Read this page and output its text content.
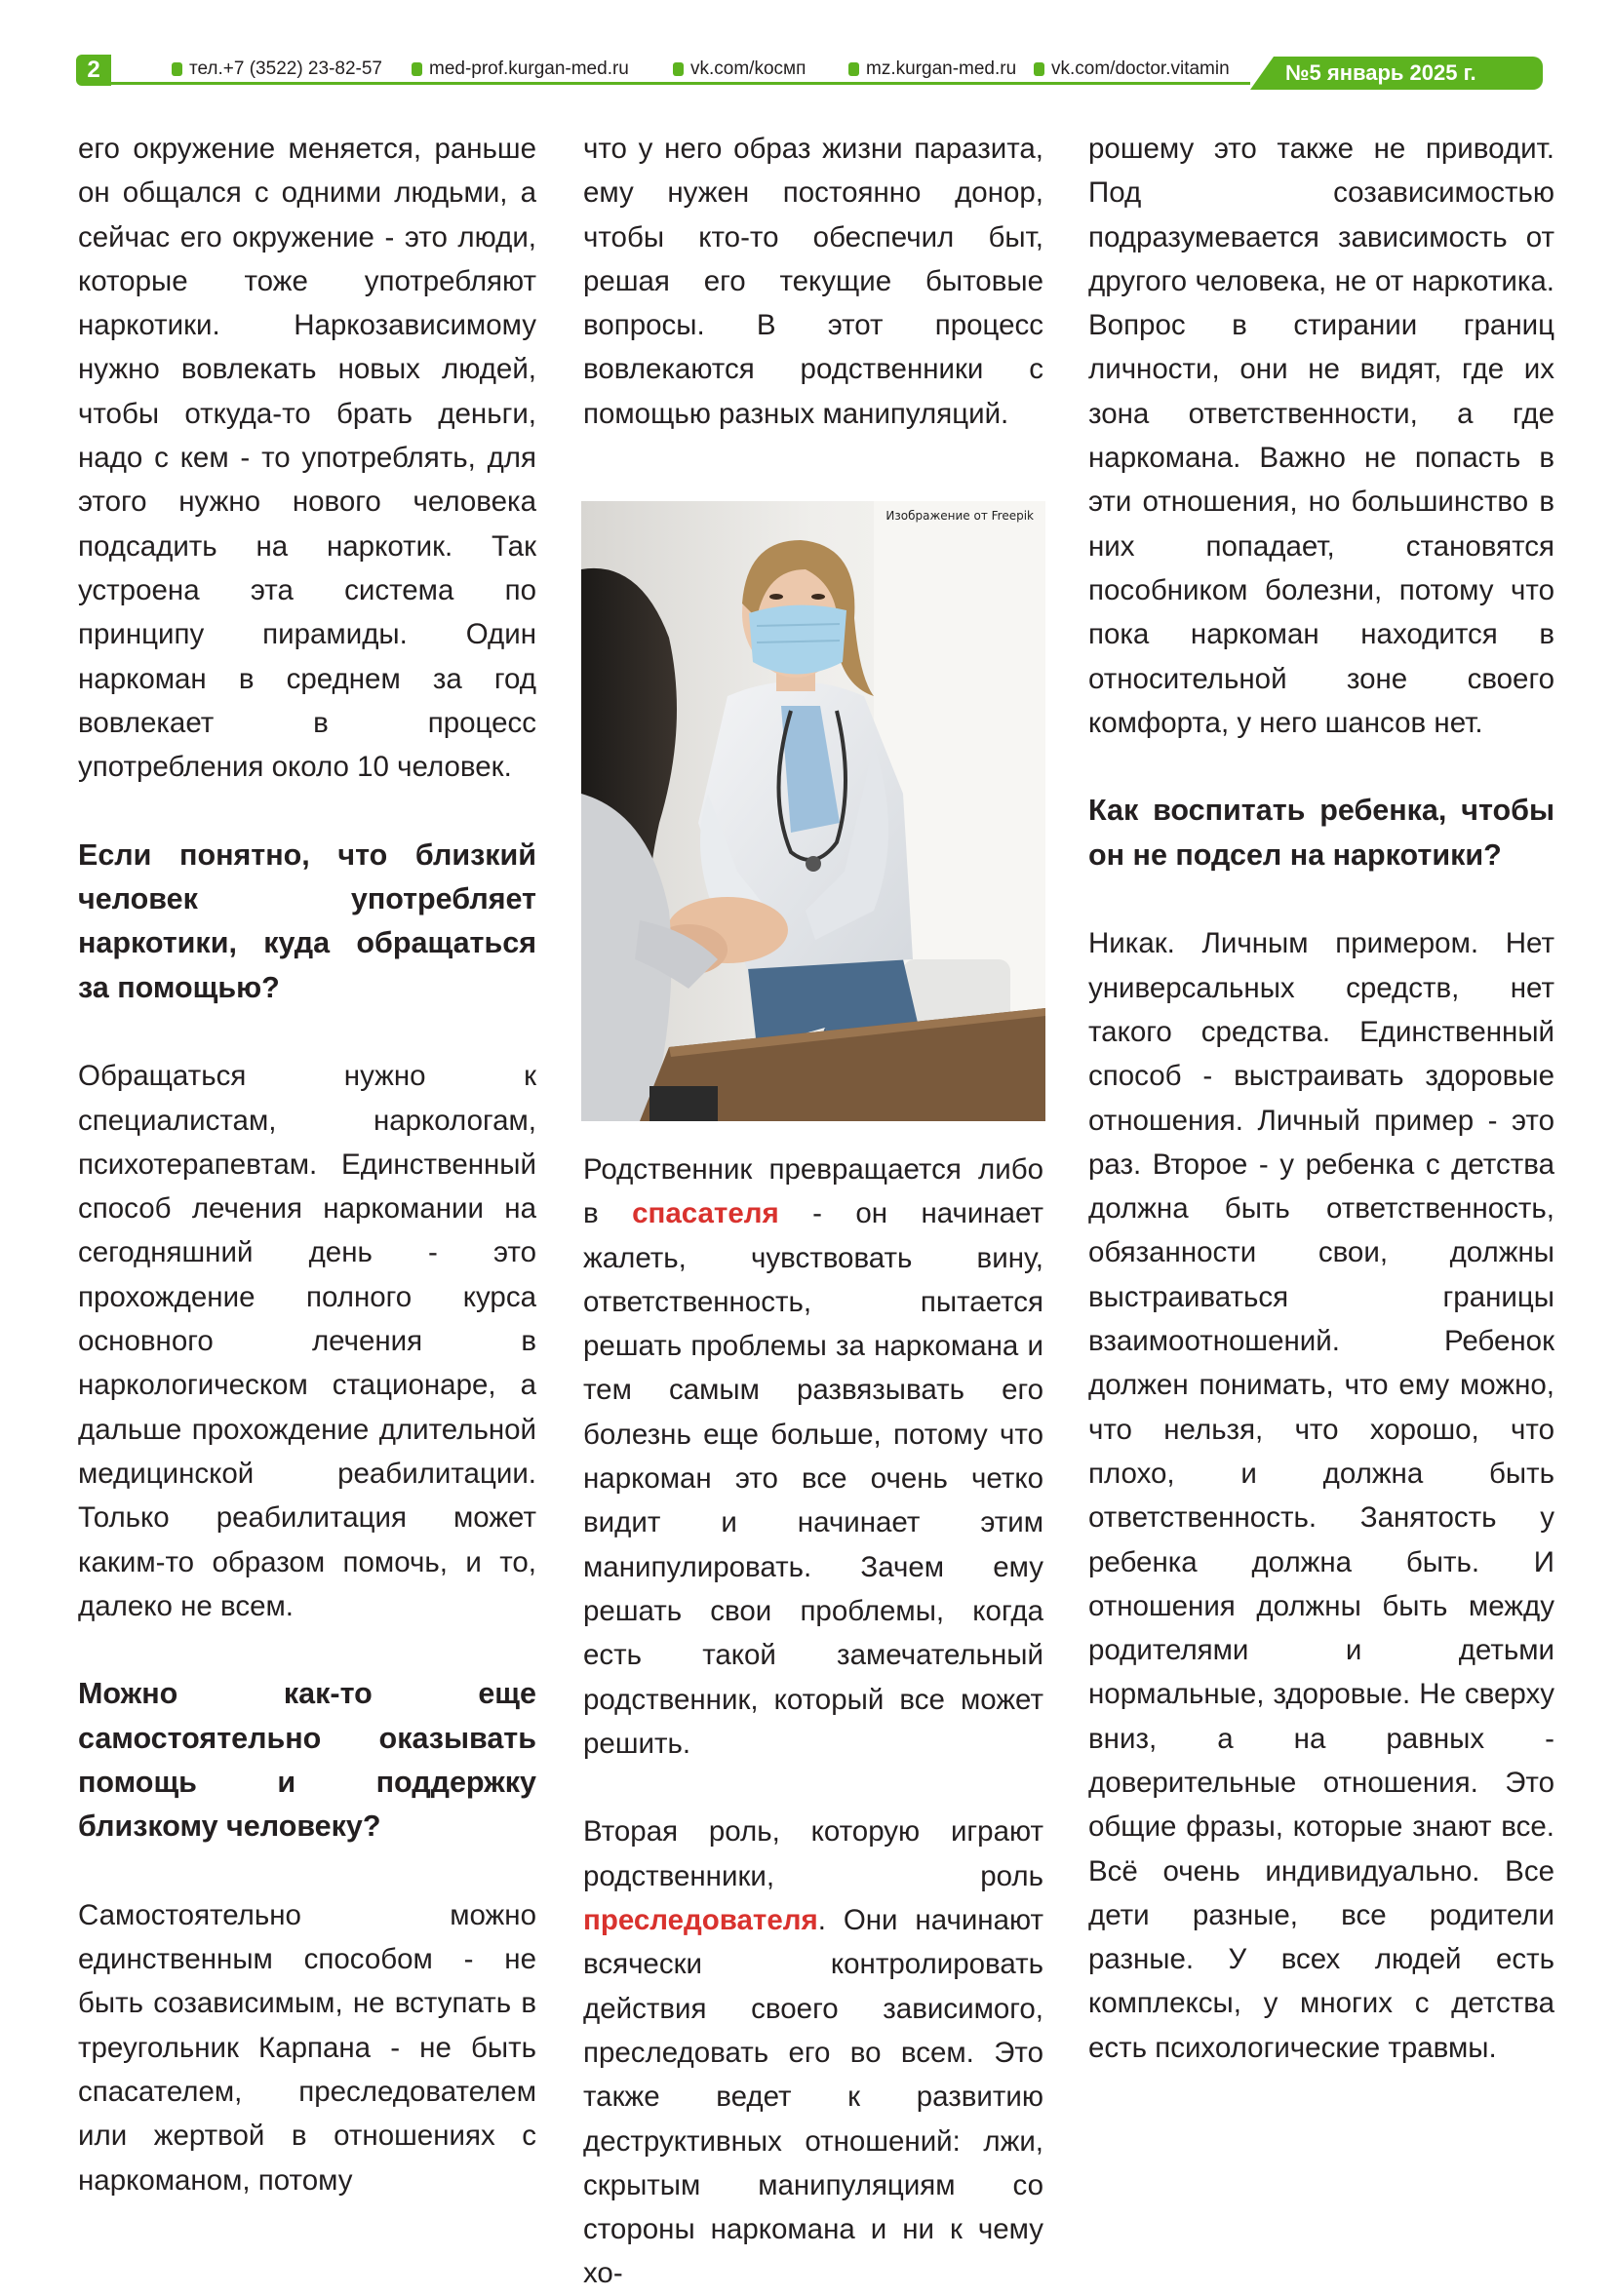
2	тел.+7 (3522) 23-82-57	med-prof.kurgan-med.ru	vk.com/kocмп	mz.kurgan-med.ru vk.com/doctor.vitamin	№5 январь 2025 г.

его окружение меняется, раньше он общался с одними людьми, а сейчас его окружение - это люди, которые тоже употребляют наркотики. Наркозависимому нужно вовлекать новых людей, чтобы откуда-то брать деньги, надо с кем - то употреблять, для этого нужно нового человека подсадить на наркотик. Так устроена эта система по принципу пирамиды. Один наркоман в среднем за год вовлекает в процесс употребления около 10 человек.

Если понятно, что близкий человек употребляет наркотики, куда обращаться за помощью?

Обращаться нужно к специалистам, наркологам, психотерапевтам. Единственный способ лечения наркомании на сегодняшний день - это прохождение полного курса основного лечения в наркологическом стационаре, а дальше прохождение длительной медицинской реабилитации. Только реабилитация может каким-то образом помочь, и то, далеко не всем.

Можно как-то еще самостоятельно оказывать помощь и поддержку близкому человеку?

Самостоятельно можно единственным способом - не быть созависимым, не вступать в треугольник Карпана - не быть спасателем, преследователем или жертвой в отношениях с наркоманом, потому

что у него образ жизни паразита, ему нужен постоянно донор, чтобы кто-то обеспечил быт, решая его текущие бытовые вопросы. В этот процесс вовлекаются родственники с помощью разных манипуляций.

Изображение от Freepik

Родственник превращается либо в спасателя - он начинает жалеть, чувствовать вину, ответственность, пытается решать проблемы за наркомана и тем самым развязывать его болезнь еще больше, потому что наркоман это все очень четко видит и начинает этим манипулировать. Зачем ему решать свои проблемы, когда есть такой замечательный родственник, который все может решить.

Вторая роль, которую играют родственники, роль преследователя. Они начинают всячески контролировать действия своего зависимого, преследовать его во всем. Это также ведет к развитию деструктивных отношений: лжи, скрытым манипуляциям со стороны наркомана и ни к чему хо-

рошему это также не приводит. Под созависимостью подразумевается зависимость от другого человека, не от наркотика. Вопрос в стирании границ личности, они не видят, где их зона ответственности, а где наркомана. Важно не попасть в эти отношения, но большинство в них попадает, становятся пособником болезни, потому что пока наркоман находится в относительной зоне своего комфорта, у него шансов нет.

Как воспитать ребенка, чтобы он не подсел на наркотики?

Никак. Личным примером. Нет универсальных средств, нет такого средства. Единственный способ - выстраивать здоровые отношения. Личный пример - это раз. Второе - у ребенка с детства должна быть ответственность, обязанности свои, должны выстраиваться границы взаимоотношений. Ребенок должен понимать, что ему можно, что нельзя, что хорошо, что плохо, и должна быть ответственность. Занятость у ребенка должна быть. И отношения должны быть между родителями и детьми нормальные, здоровые. Не сверху вниз, а на равных - доверительные отношения. Это общие фразы, которые знают все. Всё очень индивидуально. Все дети разные, все родители разные. У всех людей есть комплексы, у многих с детства есть психологические травмы.
